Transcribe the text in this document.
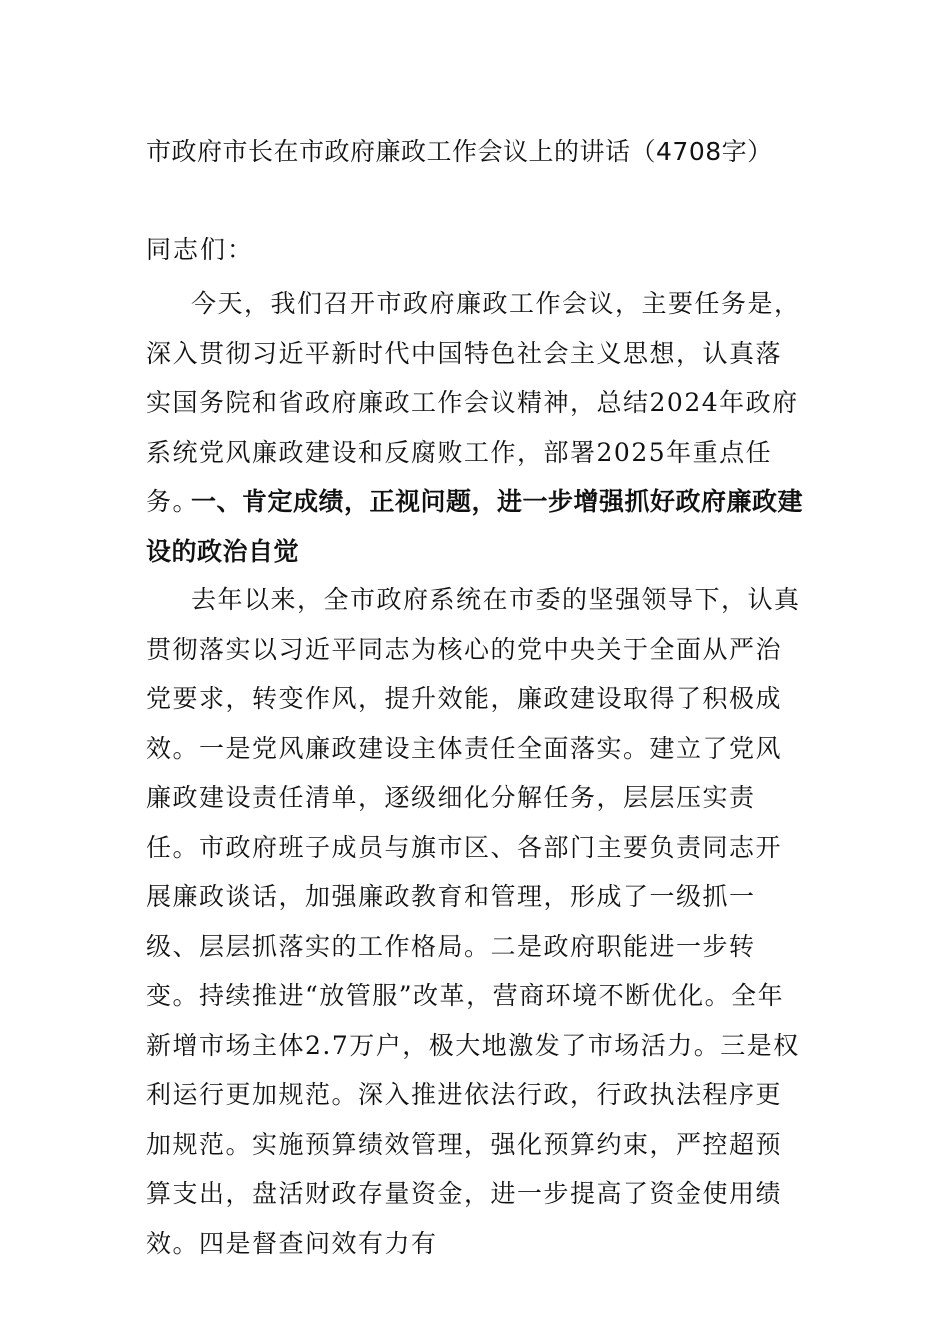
市政府市长在市政府廉政工作会议上的讲话（4708字）
同志们：

今天，我们召开市政府廉政工作会议，主要任务是，深入贯彻习近平新时代中国特色社会主义思想，认真落实国务院和省政府廉政工作会议精神，总结2024年政府系统党风廉政建设和反腐败工作，部署2025年重点任务。

一、肯定成绩，正视问题，进一步增强抓好政府廉政建设的政治自觉

去年以来，全市政府系统在市委的坚强领导下，认真贯彻落实以习近平同志为核心的党中央关于全面从严治党要求，转变作风，提升效能，廉政建设取得了积极成效。一是党风廉政建设主体责任全面落实。建立了党风廉政建设责任清单，逐级细化分解任务，层层压实责任。市政府班子成员与旗市区、各部门主要负责同志开展廉政谈话，加强廉政教育和管理，形成了一级抓一级、层层抓落实的工作格局。二是政府职能进一步转变。持续推进“放管服”改革，营商环境不断优化。全年新增市场主体2.7万户，极大地激发了市场活力。三是权利运行更加规范。深入推进依法行政，行政执法程序更加规范。实施预算绩效管理，强化预算约束，严控超预算支出，盘活财政存量资金，进一步提高了资金使用绩效。四是督查问效有力有
